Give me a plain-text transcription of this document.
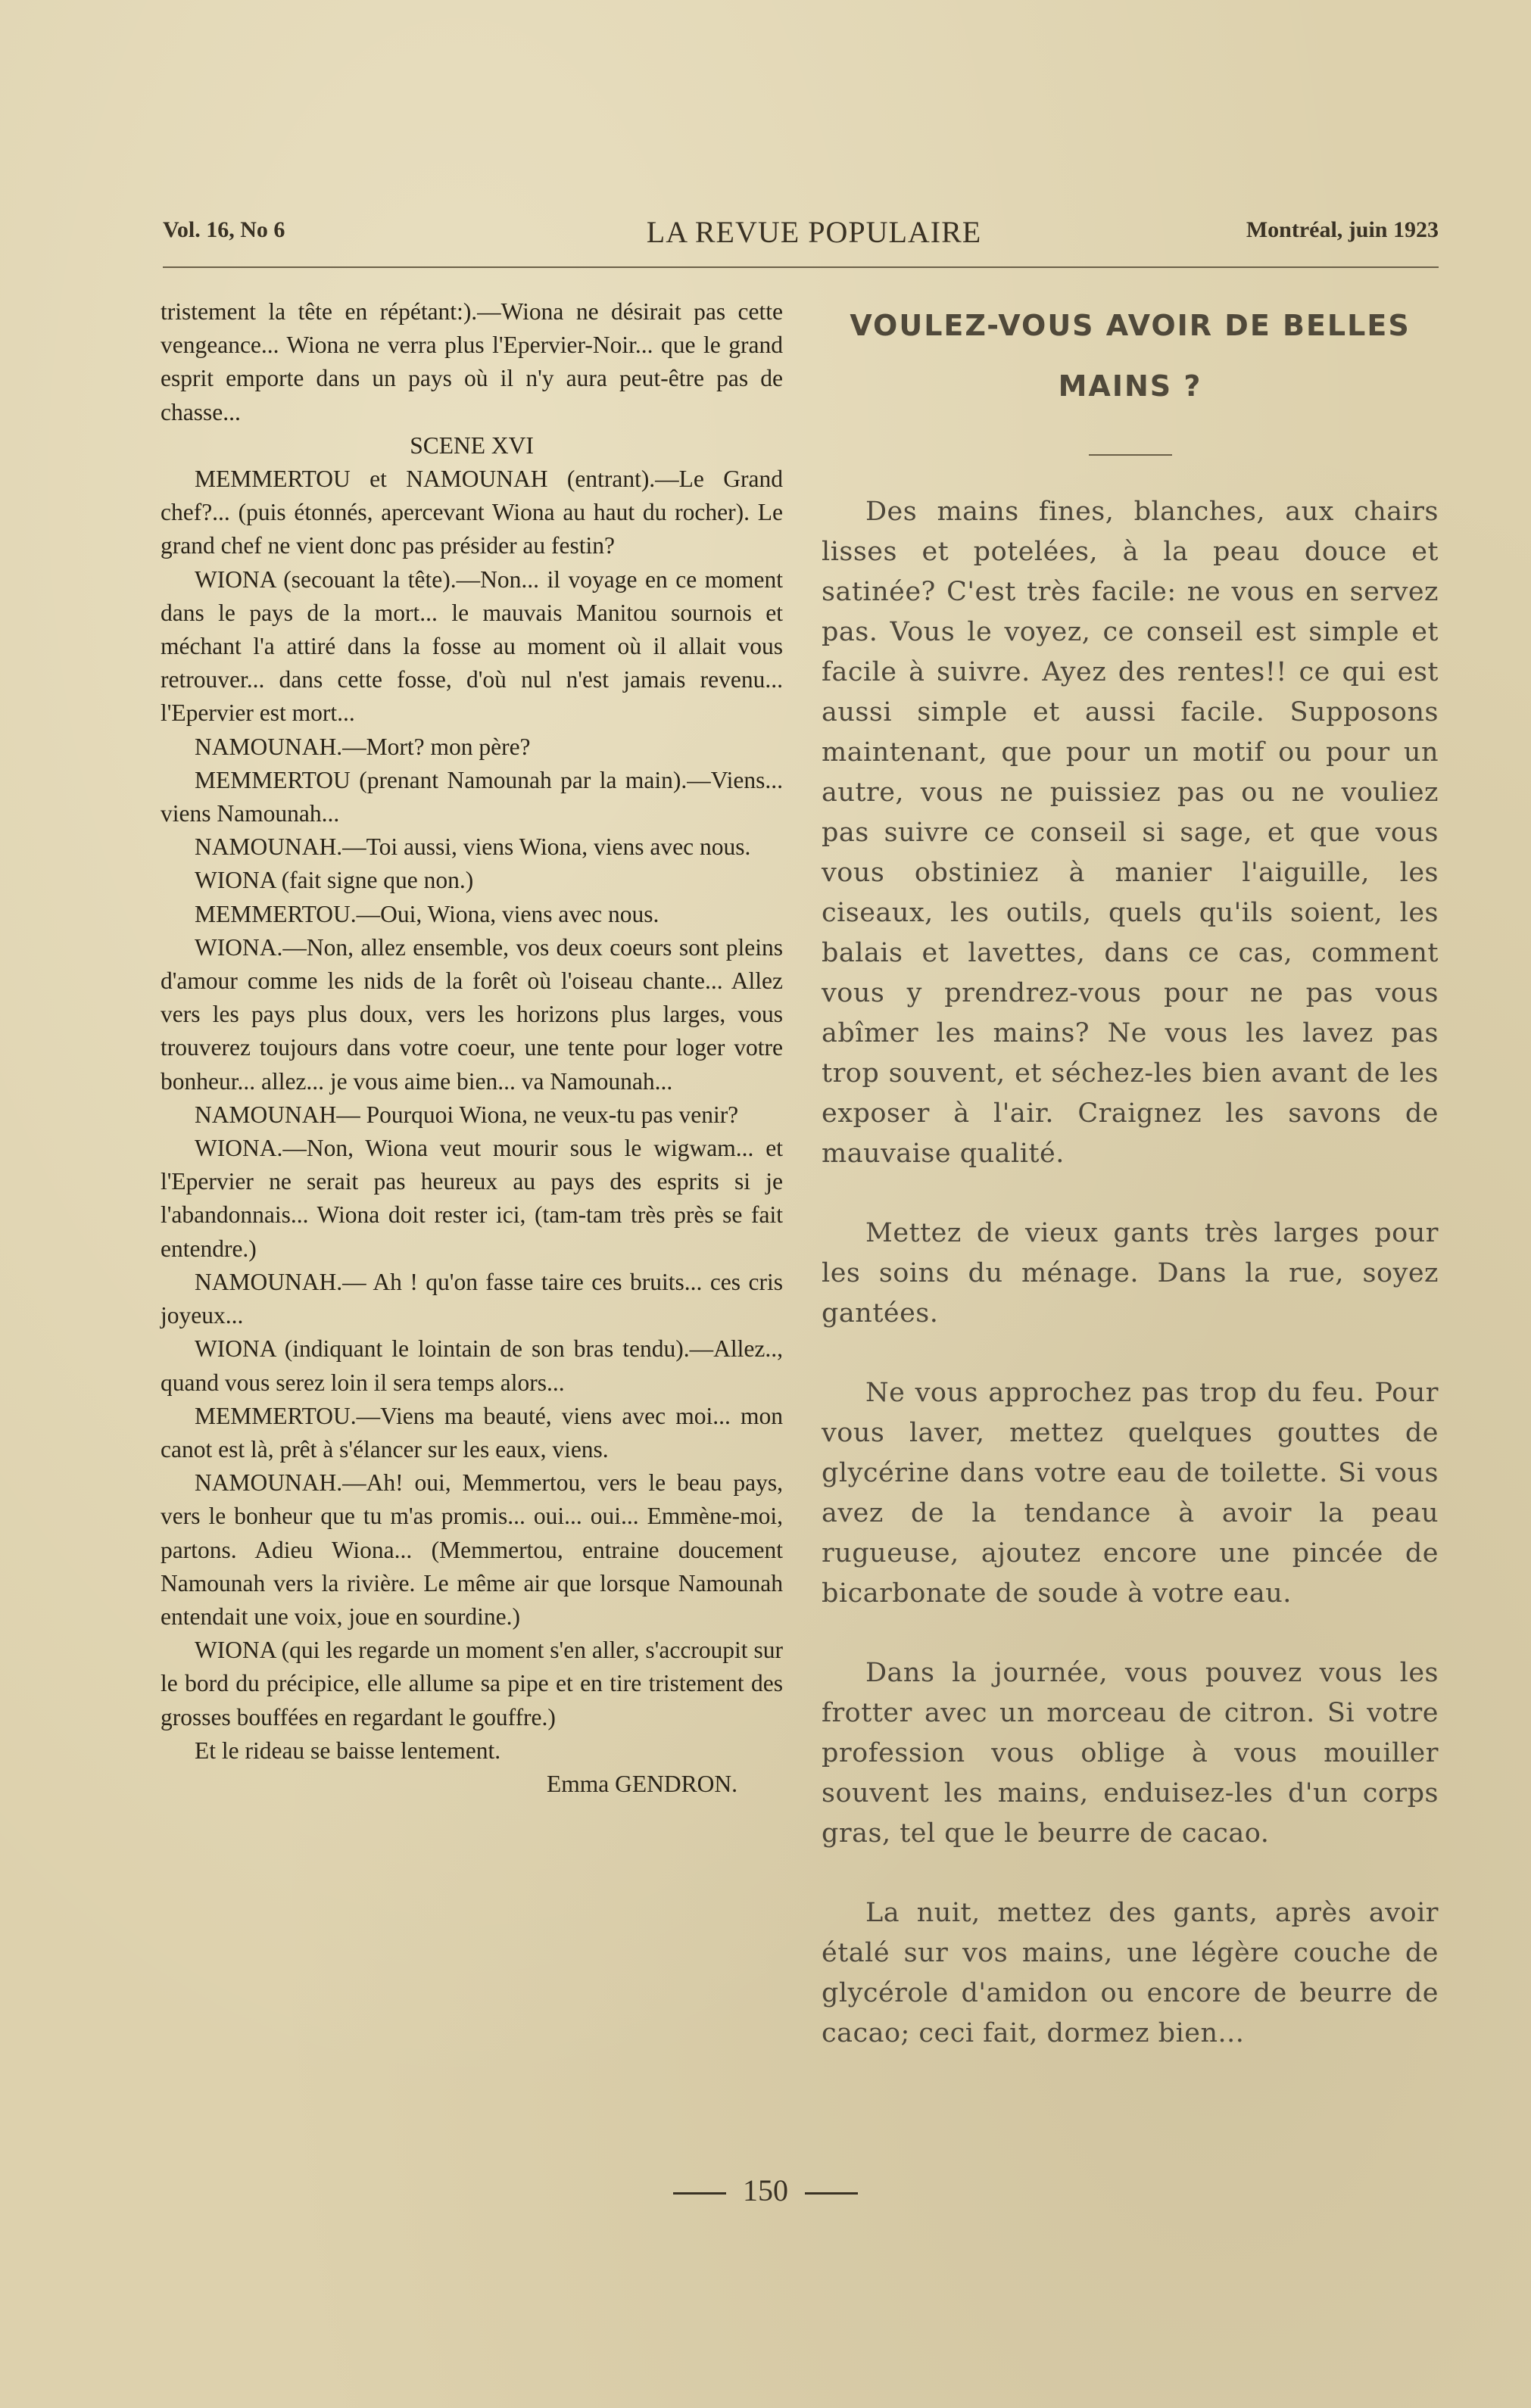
Vol. 16, No 6	LA REVUE POPULAIRE	Montréal, juin 1923

tristement la tête en répétant:).—Wiona ne désirait pas cette vengeance... Wiona ne verra plus l'Epervier-Noir... que le grand esprit emporte dans un pays où il n'y aura peut-être pas de chasse...

SCENE XVI

MEMMERTOU et NAMOUNAH (entrant).—Le Grand chef?... (puis étonnés, apercevant Wiona au haut du rocher). Le grand chef ne vient donc pas présider au festin?

WIONA (secouant la tête).—Non... il voyage en ce moment dans le pays de la mort... le mauvais Manitou sournois et méchant l'a attiré dans la fosse au moment où il allait vous retrouver... dans cette fosse, d'où nul n'est jamais revenu... l'Epervier est mort...

NAMOUNAH.—Mort? mon père?

MEMMERTOU (prenant Namounah par la main).—Viens... viens Namounah...

NAMOUNAH.—Toi aussi, viens Wiona, viens avec nous.

WIONA (fait signe que non.)

MEMMERTOU.—Oui, Wiona, viens avec nous.

WIONA.—Non, allez ensemble, vos deux coeurs sont pleins d'amour comme les nids de la forêt où l'oiseau chante... Allez vers les pays plus doux, vers les horizons plus larges, vous trouverez toujours dans votre coeur, une tente pour loger votre bonheur... allez... je vous aime bien... va Namounah...

NAMOUNAH— Pourquoi Wiona, ne veux-tu pas venir?

WIONA.—Non, Wiona veut mourir sous le wigwam... et l'Epervier ne serait pas heureux au pays des esprits si je l'abandonnais... Wiona doit rester ici, (tam-tam très près se fait entendre.)

NAMOUNAH.— Ah ! qu'on fasse taire ces bruits... ces cris joyeux...

WIONA (indiquant le lointain de son bras tendu).—Allez.., quand vous serez loin il sera temps alors...

MEMMERTOU.—Viens ma beauté, viens avec moi... mon canot est là, prêt à s'élancer sur les eaux, viens.

NAMOUNAH.—Ah! oui, Memmertou, vers le beau pays, vers le bonheur que tu m'as promis... oui... oui... Emmène-moi, partons. Adieu Wiona... (Memmertou, entraine doucement Namounah vers la rivière. Le même air que lorsque Namounah entendait une voix, joue en sourdine.)

WIONA (qui les regarde un moment s'en aller, s'accroupit sur le bord du précipice, elle allume sa pipe et en tire tristement des grosses bouffées en regardant le gouffre.)

Et le rideau se baisse lentement.

Emma GENDRON.

VOULEZ-VOUS AVOIR DE BELLES MAINS ?

Des mains fines, blanches, aux chairs lisses et potelées, à la peau douce et satinée? C'est très facile: ne vous en servez pas. Vous le voyez, ce conseil est simple et facile à suivre. Ayez des rentes!! ce qui est aussi simple et aussi facile. Supposons maintenant, que pour un motif ou pour un autre, vous ne puissiez pas ou ne vouliez pas suivre ce conseil si sage, et que vous vous obstiniez à manier l'aiguille, les ciseaux, les outils, quels qu'ils soient, les balais et lavettes, dans ce cas, comment vous y prendrez-vous pour ne pas vous abîmer les mains? Ne vous les lavez pas trop souvent, et séchez-les bien avant de les exposer à l'air. Craignez les savons de mauvaise qualité.

Mettez de vieux gants très larges pour les soins du ménage. Dans la rue, soyez gantées.

Ne vous approchez pas trop du feu. Pour vous laver, mettez quelques gouttes de glycérine dans votre eau de toilette. Si vous avez de la tendance à avoir la peau rugueuse, ajoutez encore une pincée de bicarbonate de soude à votre eau.

Dans la journée, vous pouvez vous les frotter avec un morceau de citron. Si votre profession vous oblige à vous mouiller souvent les mains, enduisez-les d'un corps gras, tel que le beurre de cacao.

La nuit, mettez des gants, après avoir étalé sur vos mains, une légère couche de glycérole d'amidon ou encore de beurre de cacao; ceci fait, dormez bien...

150
